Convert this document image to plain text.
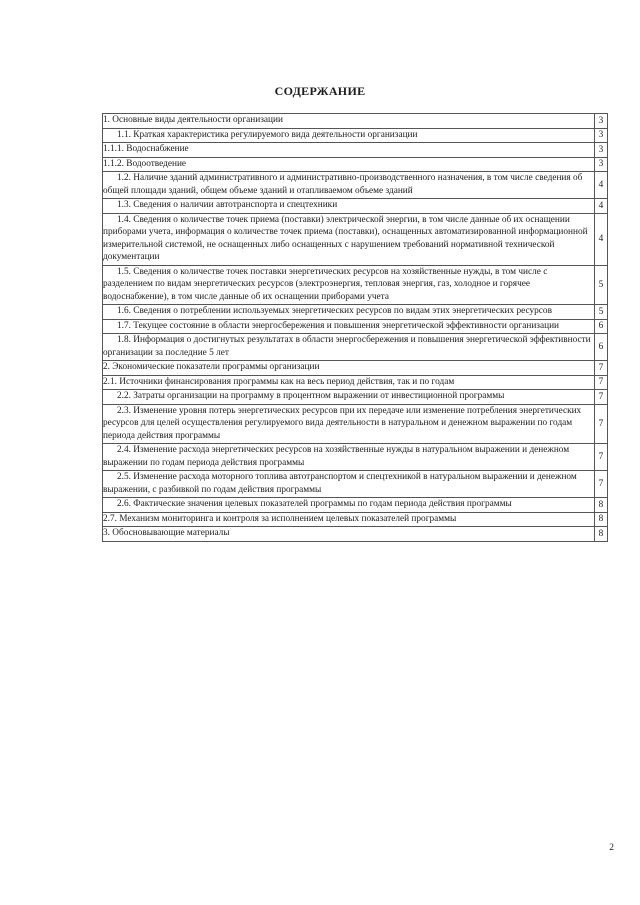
СОДЕРЖАНИЕ
1. Основные виды деятельности организации	3
1.1. Краткая характеристика регулируемого вида деятельности организации	3
1.1.1. Водоснабжение	3
1.1.2. Водоотведение	3
1.2. Наличие зданий административного и административно-производственного назначения, в том числе сведения об общей площади зданий, общем объеме зданий и отапливаемом объеме зданий	4
1.3. Сведения о наличии автотранспорта и спецтехники	4
1.4. Сведения о количестве точек приема (поставки) электрической энергии, в том числе данные об их оснащении приборами учета, информация о количестве точек приема (поставки), оснащенных автоматизированной информационной измерительной системой, не оснащенных либо оснащенных с нарушением требований нормативной технической документации	4
1.5. Сведения о количестве точек поставки энергетических ресурсов на хозяйственные нужды, в том числе с разделением по видам энергетических ресурсов (электроэнергия, тепловая энергия, газ, холодное и горячее водоснабжение), в том числе данные об их оснащении приборами учета	5
1.6. Сведения о потреблении используемых энергетических ресурсов по видам этих энергетических ресурсов	5
1.7. Текущее состояние в области энергосбережения и повышения энергетической эффективности организации	6
1.8. Информация о достигнутых результатах в области энергосбережения и повышения энергетической эффективности организации за последние 5 лет	6
2. Экономические показатели программы организации	7
2.1. Источники финансирования программы как на весь период действия, так и по годам	7
2.2. Затраты организации на программу в процентном выражении от инвестиционной программы	7
2.3. Изменение уровня потерь энергетических ресурсов при их передаче или изменение потребления энергетических ресурсов для целей осуществления регулируемого вида деятельности в натуральном и денежном выражении по годам периода действия программы	7
2.4. Изменение расхода энергетических ресурсов на хозяйственные нужды в натуральном выражении и денежном выражении по годам периода действия программы	7
2.5. Изменение расхода моторного топлива автотранспортом и спецтехникой в натуральном выражении и денежном выражении, с разбивкой по годам действия программы	7
2.6. Фактические значения целевых показателей программы по годам периода действия программы	8
2.7. Механизм мониторинга и контроля за исполнением целевых показателей программы	8
3. Обосновывающие материалы	8
2
